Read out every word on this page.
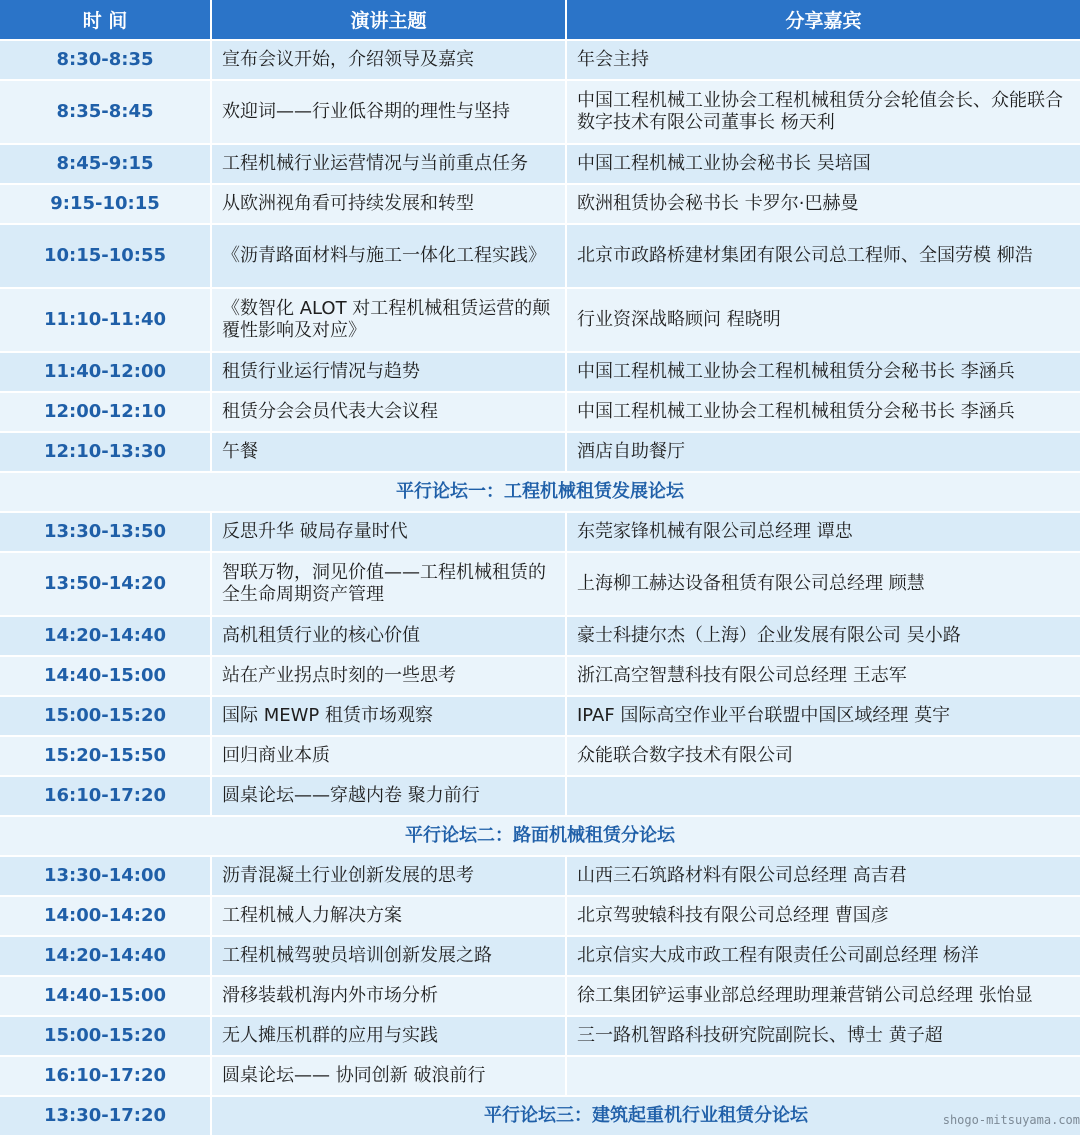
时 间	演讲主题	分享嘉宾
8:30-8:35	宣布会议开始，介绍领导及嘉宾	年会主持
8:35-8:45	欢迎词——行业低谷期的理性与坚持	中国工程机械工业协会工程机械租赁分会轮值会长、众能联合数字技术有限公司董事长 杨天利
8:45-9:15	工程机械行业运营情况与当前重点任务	中国工程机械工业协会秘书长 吴培国
9:15-10:15	从欧洲视角看可持续发展和转型	欧洲租赁协会秘书长 卡罗尔·巴赫曼
10:15-10:55	《沥青路面材料与施工一体化工程实践》	北京市政路桥建材集团有限公司总工程师、全国劳模 柳浩
11:10-11:40	《数智化 ALOT 对工程机械租赁运营的颠覆性影响及对应》	行业资深战略顾问 程晓明
11:40-12:00	租赁行业运行情况与趋势	中国工程机械工业协会工程机械租赁分会秘书长 李涵兵
12:00-12:10	租赁分会会员代表大会议程	中国工程机械工业协会工程机械租赁分会秘书长 李涵兵
12:10-13:30	午餐	酒店自助餐厅
平行论坛一：工程机械租赁发展论坛		
13:30-13:50	反思升华 破局存量时代	东莞家锋机械有限公司总经理 谭忠
13:50-14:20	智联万物，洞见价值——工程机械租赁的全生命周期资产管理	上海柳工赫达设备租赁有限公司总经理 顾慧
14:20-14:40	高机租赁行业的核心价值	豪士科捷尔杰（上海）企业发展有限公司 吴小路
14:40-15:00	站在产业拐点时刻的一些思考	浙江高空智慧科技有限公司总经理 王志军
15:00-15:20	国际 MEWP 租赁市场观察	IPAF 国际高空作业平台联盟中国区域经理 莫宇
15:20-15:50	回归商业本质	众能联合数字技术有限公司
16:10-17:20	圆桌论坛——穿越内卷 聚力前行	
平行论坛二：路面机械租赁分论坛		
13:30-14:00	沥青混凝土行业创新发展的思考	山西三石筑路材料有限公司总经理 高吉君
14:00-14:20	工程机械人力解决方案	北京驾驶辕科技有限公司总经理 曹国彦
14:20-14:40	工程机械驾驶员培训创新发展之路	北京信实大成市政工程有限责任公司副总经理 杨洋
14:40-15:00	滑移装载机海内外市场分析	徐工集团铲运事业部总经理助理兼营销公司总经理 张怡显
15:00-15:20	无人摊压机群的应用与实践	三一路机智路科技研究院副院长、博士 黄子超
16:10-17:20	圆桌论坛—— 协同创新 破浪前行	
13:30-17:20	平行论坛三：建筑起重机行业租赁分论坛		shogo-mitsuyama.com
